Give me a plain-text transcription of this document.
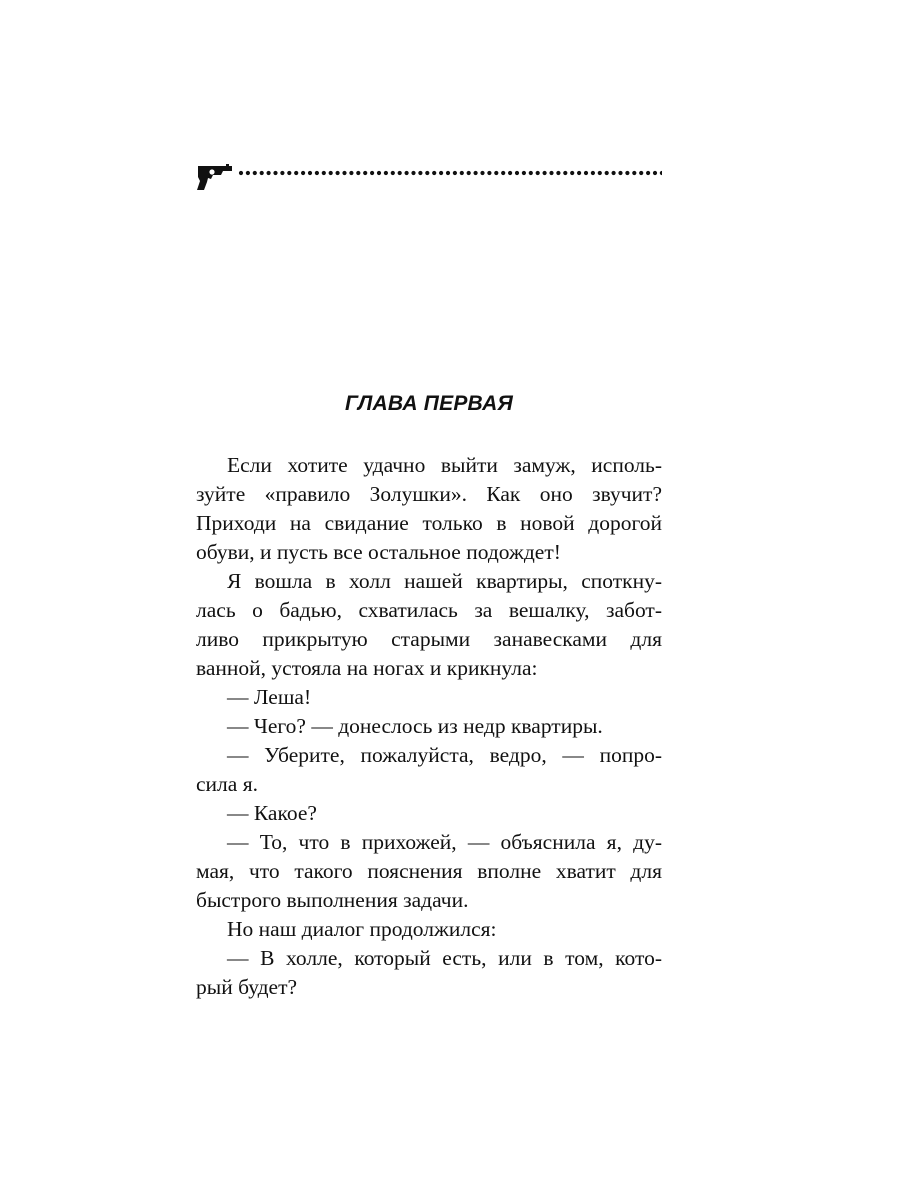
ГЛАВА ПЕРВАЯ
Если хотите удачно выйти замуж, исполь-
зуйте «правило Золушки». Как оно звучит?
Приходи на свидание только в новой дорогой
обуви, и пусть все остальное подождет!
Я вошла в холл нашей квартиры, споткну-
лась о бадью, схватилась за вешалку, забот-
ливо прикрытую старыми занавесками для
ванной, устояла на ногах и крикнула:
— Леша!
— Чего? — донеслось из недр квартиры.
— Уберите, пожалуйста, ведро, — попро-
сила я.
— Какое?
— То, что в прихожей, — объяснила я, ду-
мая, что такого пояснения вполне хватит для
быстрого выполнения задачи.
Но наш диалог продолжился:
— В холле, который есть, или в том, кото-
рый будет?
